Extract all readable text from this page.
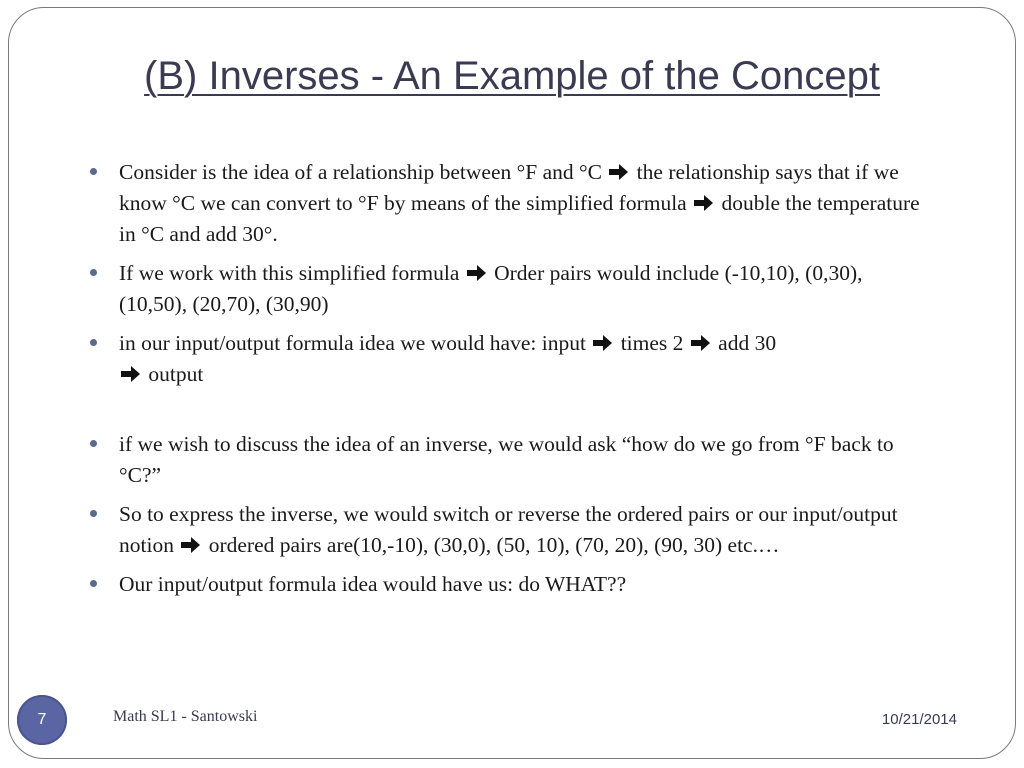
(B) Inverses - An Example of the Concept
Consider is the idea of a relationship between °F and °C  the relationship says that if we know °C we can convert to °F by means of the simplified formula  double the temperature in °C and add 30°.
If we work with this simplified formula  Order pairs would include (-10,10), (0,30), (10,50), (20,70), (30,90)
in our input/output formula idea we would have: input  times 2  add 30
output
if we wish to discuss the idea of an inverse, we would ask “how do we go from °F back to °C?”
So to express the inverse, we would switch or reverse the ordered pairs or our input/output notion  ordered pairs are(10,-10), (30,0), (50, 10), (70, 20), (90, 30) etc.…
Our input/output formula idea would have us: do WHAT??
7	Math SL1 - Santowski	10/21/2014
